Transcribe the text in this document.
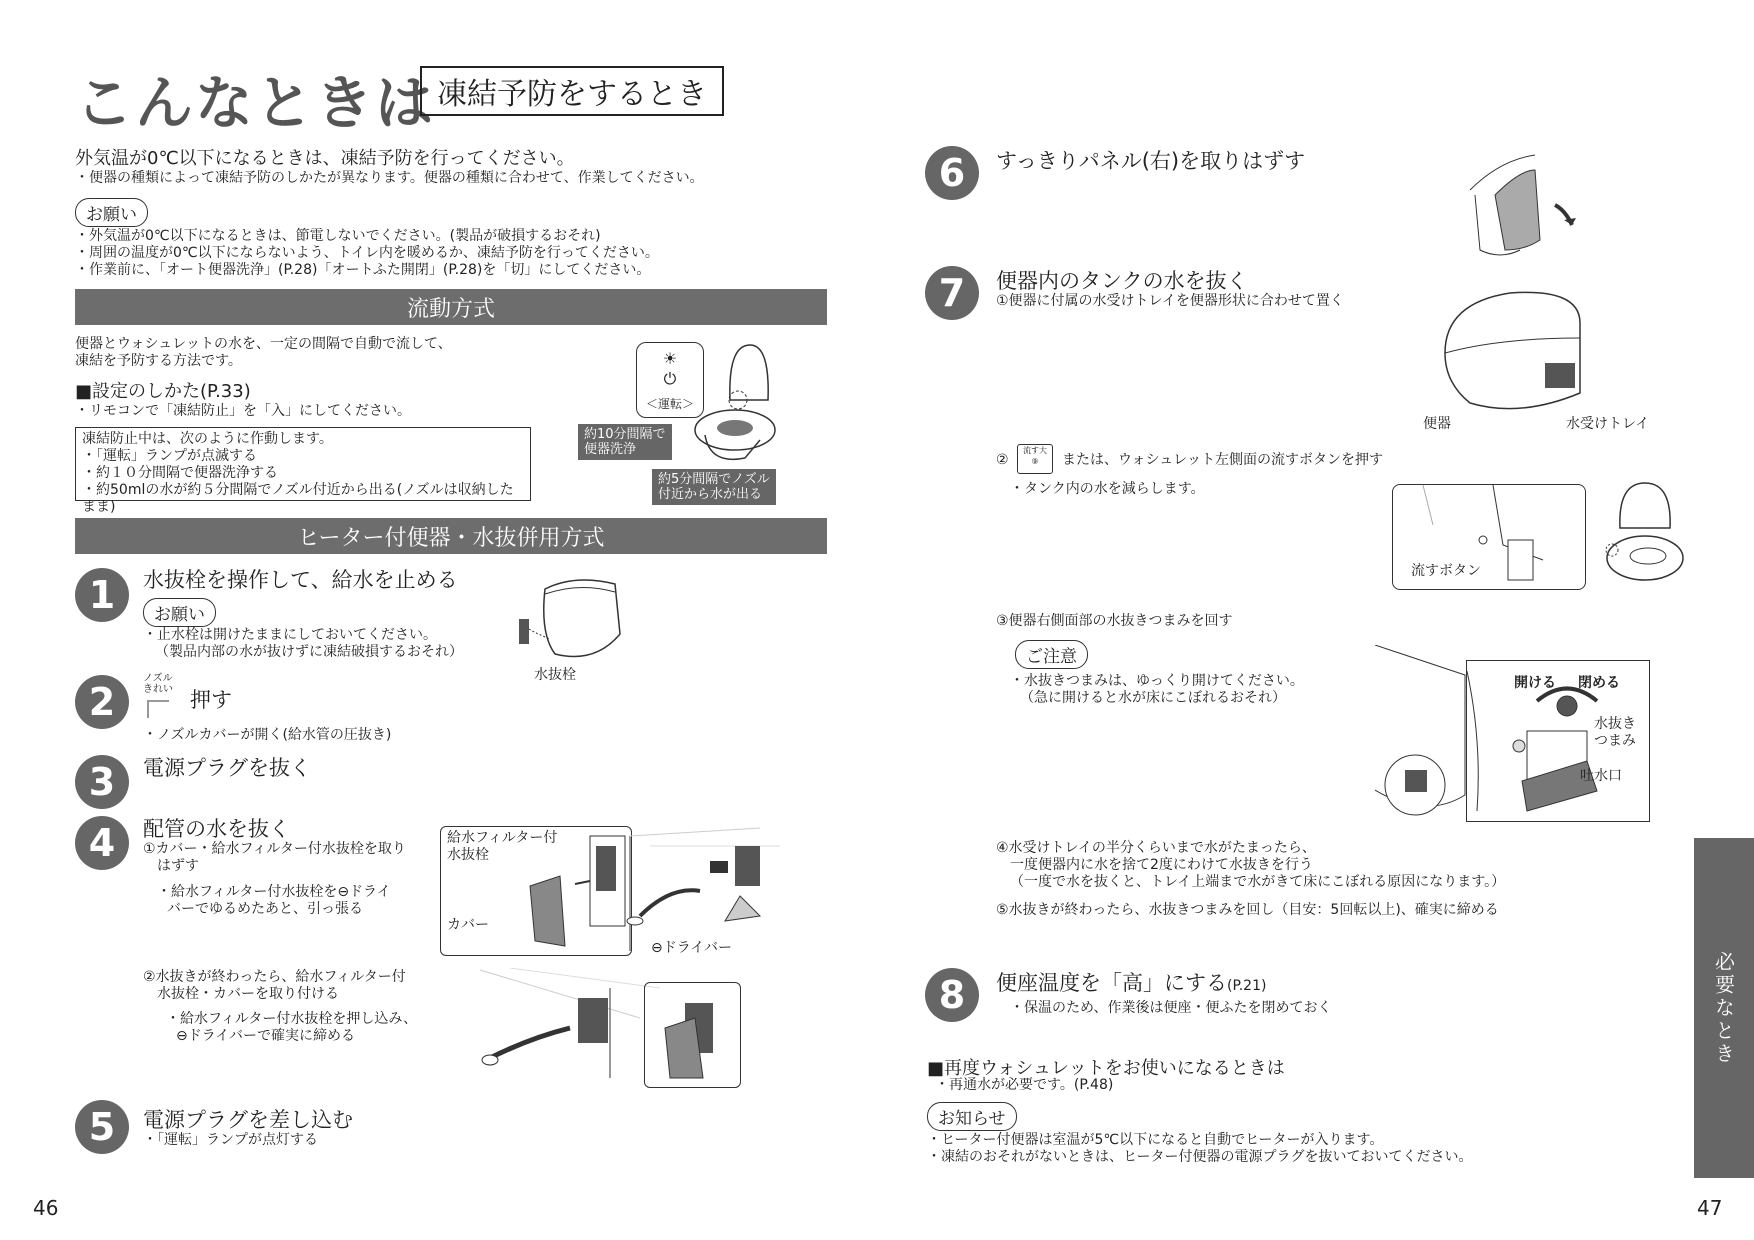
こんなときは 凍結予防をするとき
外気温が0℃以下になるときは、凍結予防を行ってください。
・便器の種類によって凍結予防のしかたが異なります。便器の種類に合わせて、作業してください。
お願い
・外気温が0℃以下になるときは、節電しないでください。(製品が破損するおそれ)
・周囲の温度が0℃以下にならないよう、トイレ内を暖めるか、凍結予防を行ってください。
・作業前に、「オート便器洗浄」(P.28)「オートふた開閉」(P.28)を「切」にしてください。
流動方式
便器とウォシュレットの水を、一定の間隔で自動で流して、
凍結を予防する方法です。
■設定のしかた(P.33)
・リモコンで「凍結防止」を「入」にしてください。
凍結防止中は、次のように作動します。
・「運転」ランプが点滅する
・約１０分間隔で便器洗浄する
・約50mlの水が約５分間隔でノズル付近から出る(ノズルは収納したまま)
☀
⏻
＜運転＞
約10分間隔で
便器洗浄
約5分間隔でノズル
付近から水が出る
ヒーター付便器・水抜併用方式
1	水抜栓を操作して、給水を止める
お願い
・止水栓は開けたままにしておいてください。
（製品内部の水が抜けずに凍結破損するおそれ）
水抜栓
2
ノズル
きれい 押す
・ノズルカバーが開く(給水管の圧抜き)
3	電源プラグを抜く
4	配管の水を抜く
①カバー・給水フィルター付水抜栓を取り
はずす
・給水フィルター付水抜栓を⊖ドライ
バーでゆるめたあと、引っ張る
②水抜きが終わったら、給水フィルター付
水抜栓・カバーを取り付ける
・給水フィルター付水抜栓を押し込み、
⊖ドライバーで確実に締める
給水フィルター付
水抜栓
カバー
⊖ドライバー
5	電源プラグを差し込む
・「運転」ランプが点灯する
46
6	すっきりパネル(右)を取りはずす
7	便器内のタンクの水を抜く
①便器に付属の水受けトレイを便器形状に合わせて置く
便器	水受けトレイ
②
流す大
⑨	または、ウォシュレット左側面の流すボタンを押す
・タンク内の水を減らします。
流すボタン
③便器右側面部の水抜きつまみを回す
ご注意
・水抜きつまみは、ゆっくり開けてください。
（急に開けると水が床にこぼれるおそれ）
開ける 閉める
水抜き
つまみ
吐水口
④水受けトレイの半分くらいまで水がたまったら、
一度便器内に水を捨て2度にわけて水抜きを行う
（一度で水を抜くと、トレイ上端まで水がきて床にこぼれる原因になります。）
⑤水抜きが終わったら、水抜きつまみを回し（目安：5回転以上)、確実に締める
8	便座温度を「高」にする(P.21)
・保温のため、作業後は便座・便ふたを閉めておく
■再度ウォシュレットをお使いになるときは
・再通水が必要です。(P.48)
お知らせ
・ヒーター付便器は室温が5℃以下になると自動でヒーターが入ります。
・凍結のおそれがないときは、ヒーター付便器の電源プラグを抜いておいてください。
必要なとき
47
